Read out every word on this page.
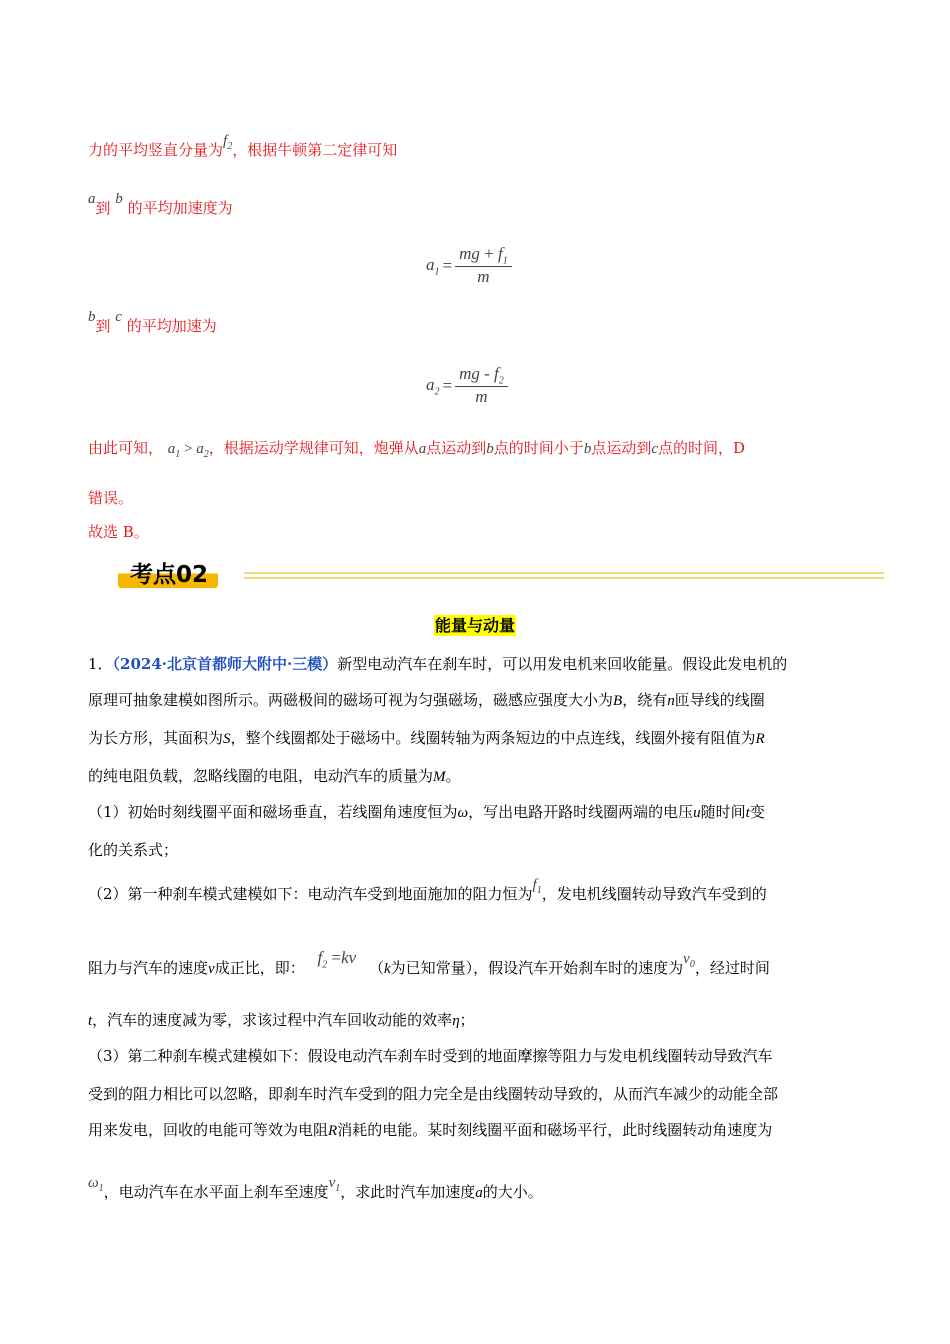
力的平均竖直分量为$f_2$，根据牛顿第二定律可知
a到 b 的平均加速度为
$a_1 = \frac{mg + f_1}{m}$
b到 c 的平均加速为
$a_2 = \frac{mg - f_2}{m}$
由此可知， $a_1 > a_2$，根据运动学规律可知，炮弹从a点运动到b点的时间小于b点运动到c点的时间，D
错误。
故选 B。
考点02
能量与动量
1．（2024·北京首都师大附中·三模）新型电动汽车在刹车时，可以用发电机来回收能量。假设此发电机的
原理可抽象建模如图所示。两磁极间的磁场可视为匀强磁场，磁感应强度大小为B，绕有n匝导线的线圈
为长方形，其面积为S，整个线圈都处于磁场中。线圈转轴为两条短边的中点连线，线圈外接有阻值为R
的纯电阻负载，忽略线圈的电阻，电动汽车的质量为M。
（1）初始时刻线圈平面和磁场垂直，若线圈角速度恒为ω，写出电路开路时线圈两端的电压u随时间t变
化的关系式；
（2）第一种刹车模式建模如下：电动汽车受到地面施加的阻力恒为$f_1$，发电机线圈转动导致汽车受到的
阻力与汽车的速度v成正比，即： $f_2 =kv$ （k为已知常量），假设汽车开始刹车时的速度为$v_0$，经过时间
t，汽车的速度减为零，求该过程中汽车回收动能的效率η；
（3）第二种刹车模式建模如下：假设电动汽车刹车时受到的地面摩擦等阻力与发电机线圈转动导致汽车
受到的阻力相比可以忽略，即刹车时汽车受到的阻力完全是由线圈转动导致的，从而汽车减少的动能全部
用来发电，回收的电能可等效为电阻R消耗的电能。某时刻线圈平面和磁场平行，此时线圈转动角速度为
$\omega_1$，电动汽车在水平面上刹车至速度$v_1$，求此时汽车加速度a的大小。
